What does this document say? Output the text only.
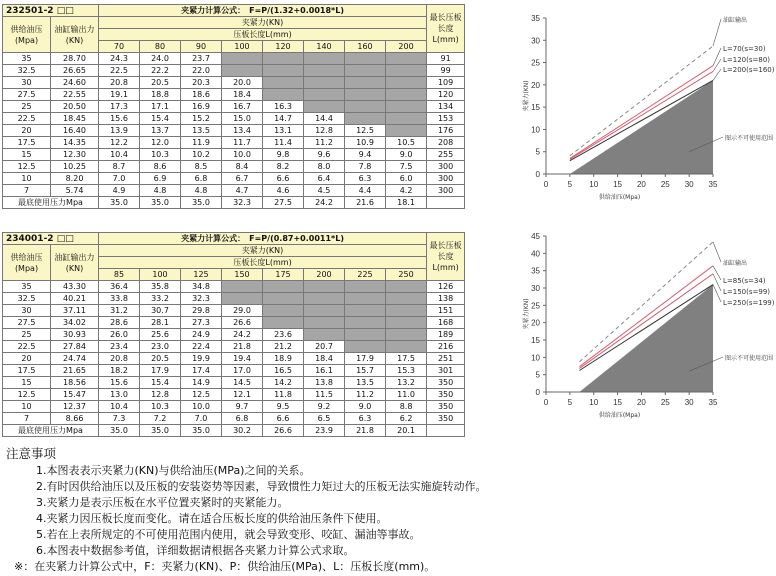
232501-2 □□		夹紧力计算公式：　F=P/(1.32+0.0018*L)								最长压板长度L(mm)
供给油压(Mpa)	油缸输出力(KN)	夹紧力(KN)								
		压板长度L(mm)								
		70	80	90	100	120	140	160	200	
35	28.70	24.3	24.0	23.7						91
32.5	26.65	22.5	22.2	22.0						99
30	24.60	20.8	20.5	20.3	20.0					109
27.5	22.55	19.1	18.8	18.6	18.4					120
25	20.50	17.3	17.1	16.9	16.7	16.3				134
22.5	18.45	15.6	15.4	15.2	15.0	14.7	14.4			153
20	16.40	13.9	13.7	13.5	13.4	13.1	12.8	12.5		176
17.5	14.35	12.2	12.0	11.9	11.7	11.4	11.2	10.9	10.5	208
15	12.30	10.4	10.3	10.2	10.0	9.8	9.6	9.4	9.0	255
12.5	10.25	8.7	8.6	8.5	8.4	8.2	8.0	7.8	7.5	300
10	8.20	7.0	6.9	6.8	6.7	6.6	6.4	6.3	6.0	300
7	5.74	4.9	4.8	4.8	4.7	4.6	4.5	4.4	4.2	300
最底使用压力Mpa		35.0	35.0	35.0	32.3	27.5	24.2	21.6	18.1	
234001-2 □□		夹紧力计算公式：　F=P/(0.87+0.0011*L)								最长压板长度L(mm)
供给油压(Mpa)	油缸输出力(KN)	夹紧力(KN)								
		压板长度L(mm)								
		85	100	125	150	175	200	225	250	
35	43.30	36.4	35.8	34.8						126
32.5	40.21	33.8	33.2	32.3						138
30	37.11	31.2	30.7	29.8	29.0					151
27.5	34.02	28.6	28.1	27.3	26.6					168
25	30.93	26.0	25.6	24.9	24.2	23.6				189
22.5	27.84	23.4	23.0	22.4	21.8	21.2	20.7			216
20	24.74	20.8	20.5	19.9	19.4	18.9	18.4	17.9	17.5	251
17.5	21.65	18.2	17.9	17.4	17.0	16.5	16.1	15.7	15.3	301
15	18.56	15.6	15.4	14.9	14.5	14.2	13.8	13.5	13.2	350
12.5	15.47	13.0	12.8	12.5	12.1	11.8	11.5	11.2	11.0	350
10	12.37	10.4	10.3	10.0	9.7	9.5	9.2	9.0	8.8	350
7	8.66	7.3	7.2	7.0	6.8	6.6	6.5	6.3	6.2	350
最底使用压力Mpa		35.0	35.0	35.0	30.2	26.6	23.9	21.8	20.1	
0 5 10 15 20 25 30 35
0
5
10
15
20
25
30
35
供给油压(Mpa)
夹紧力(KN)
油缸输出
L=70(s=30)
L=120(s=80)
L=200(s=160)
图示不可使用范围
0 5 10 15 20 25 30 35
0
5
10
15
20
25
30
35
40
45
供给油压(Mpa)
夹紧力(KN)
油缸输出
L=85(s=34)
L=150(s=99)
L=250(s=199)
图示不可使用范围
注意事项
1.本图表表示夹紧力(KN)与供给油压(MPa)之间的关系。
2.有时因供给油压以及压板的安装姿势等因素，导致惯性力矩过大的压板无法实施旋转动作。
3.夹紧力是表示压板在水平位置夹紧时的夹紧能力。
4.夹紧力因压板长度而变化。请在适合压板长度的供给油压条件下使用。
5.若在上表所规定的不可使用范围内使用，就会导致变形、咬缸、漏油等事故。
6.本图表中数据参考值，详细数据请根据各夹紧力计算公式求取。
※：在夹紧力计算公式中，F：夹紧力(KN)、P：供给油压(MPa)、L：压板长度(mm)。
